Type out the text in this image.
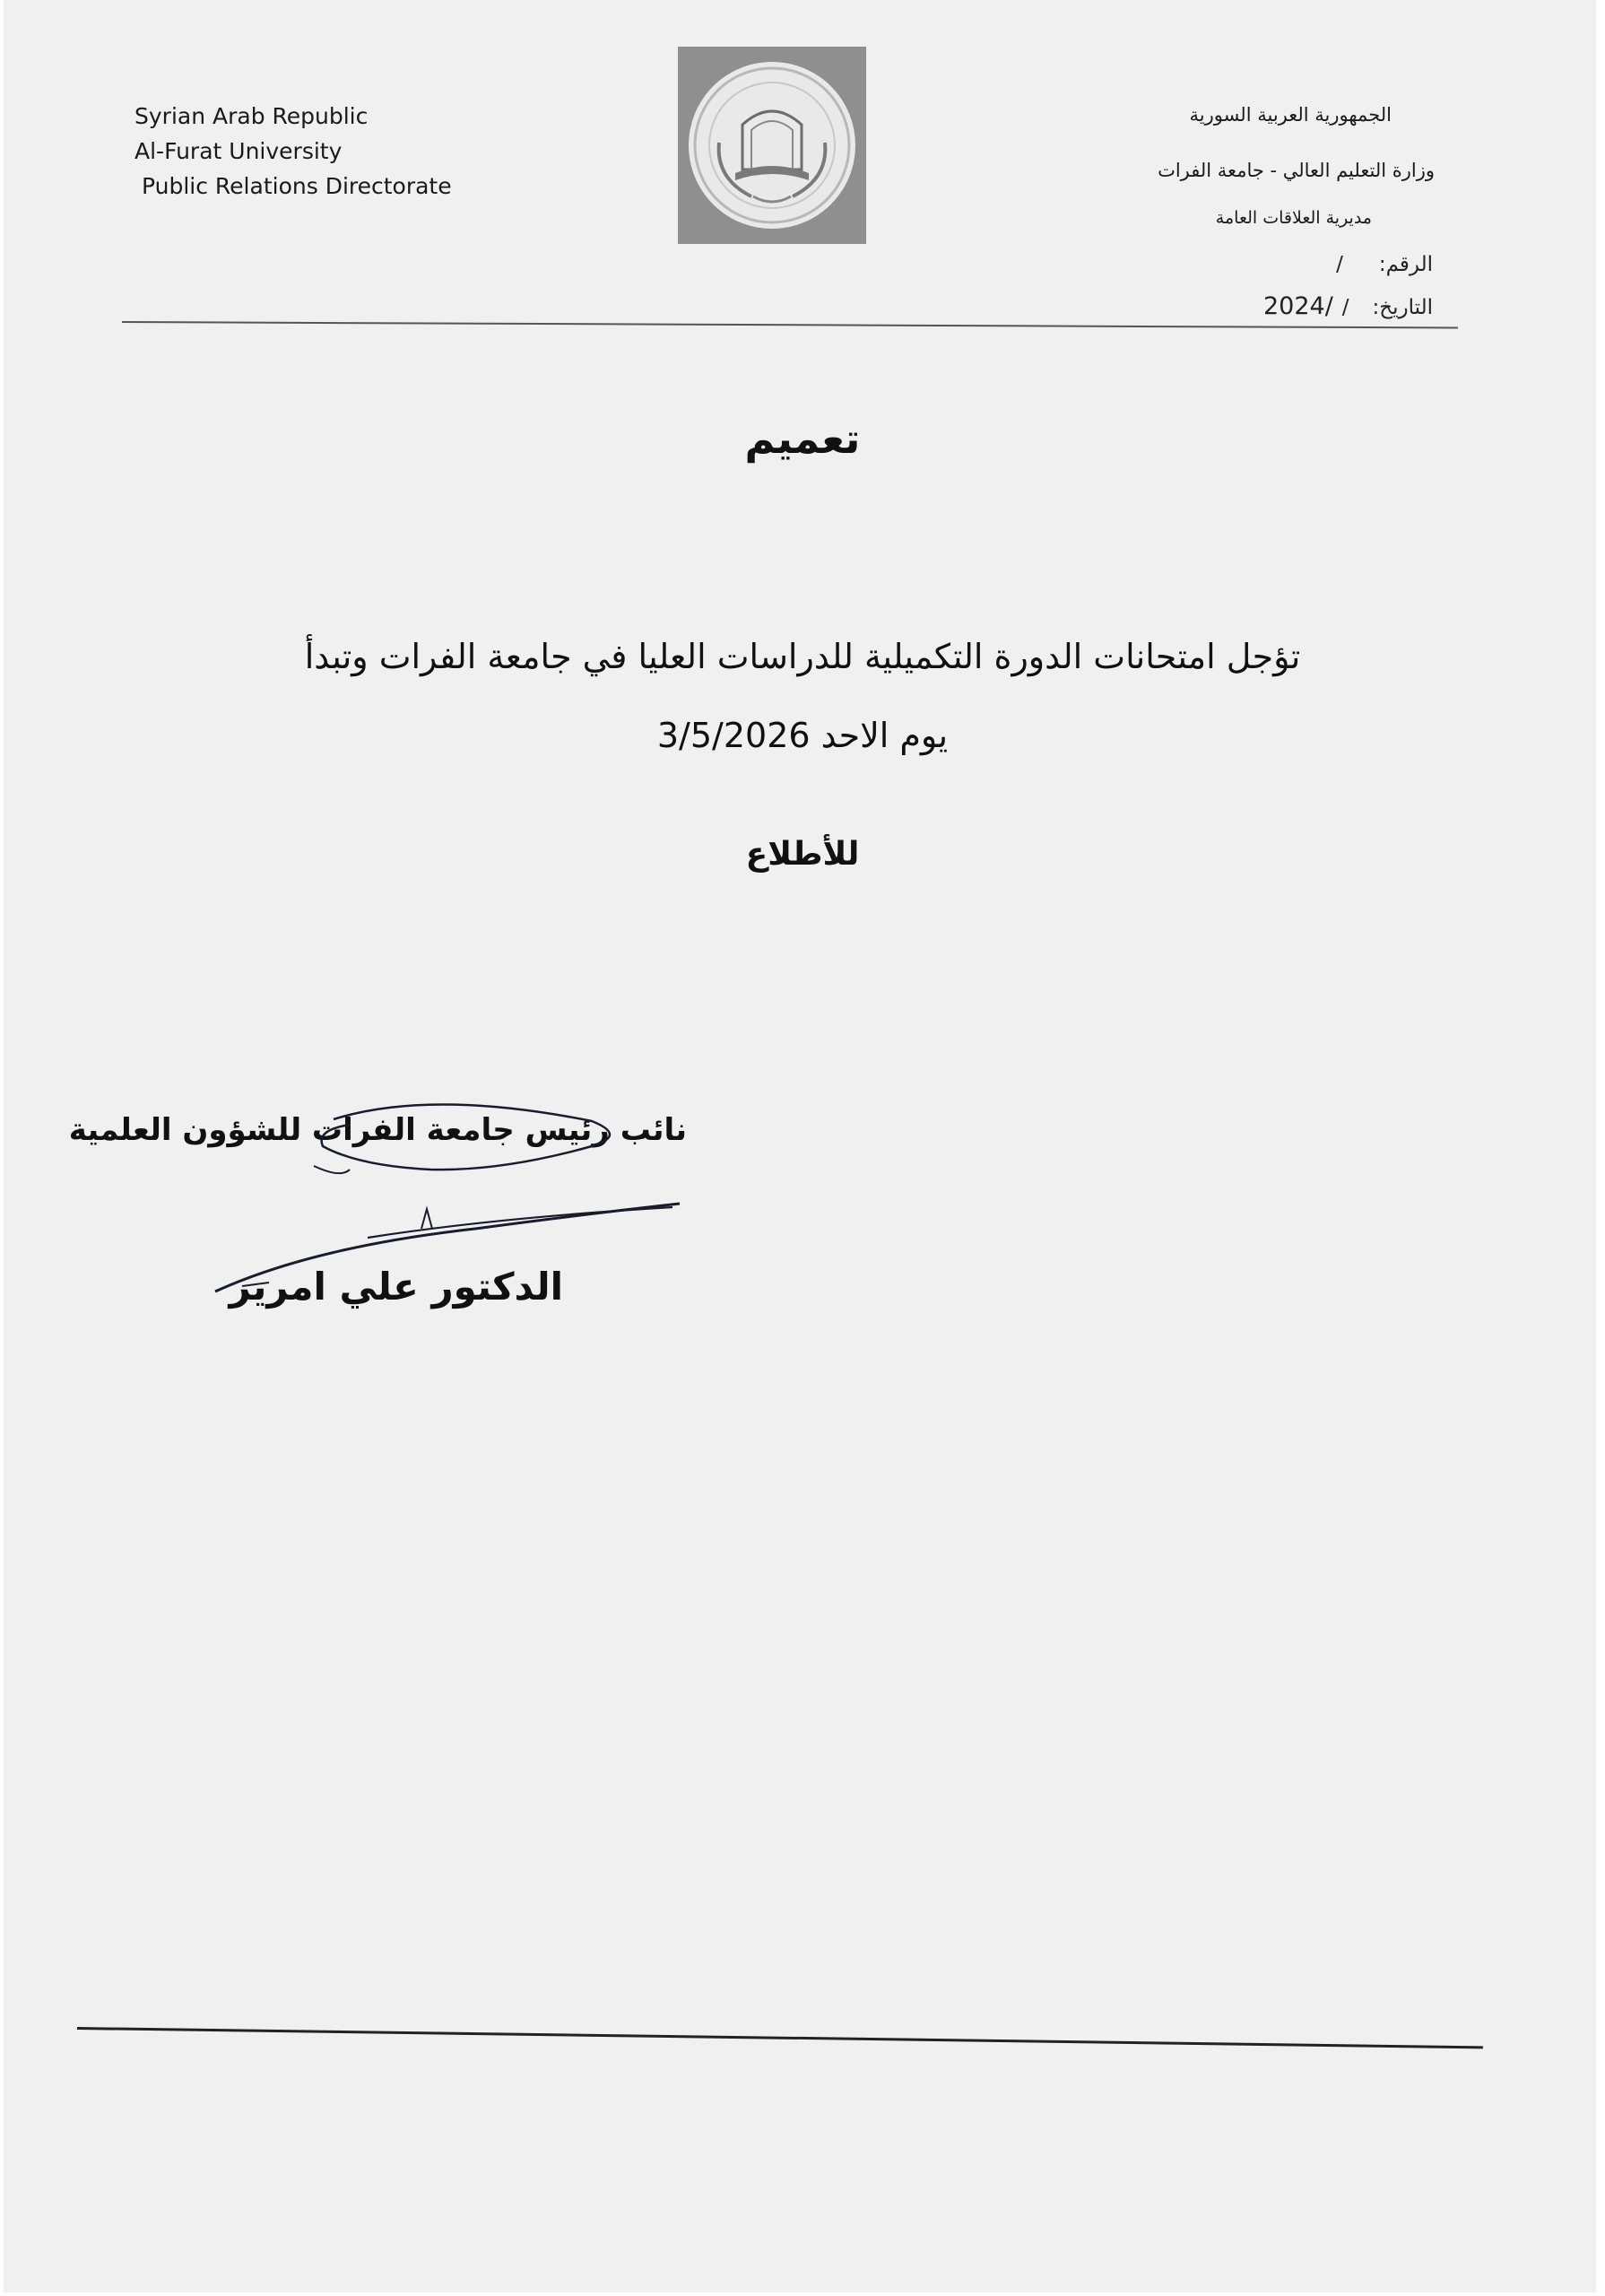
Syrian Arab Republic
Al-Furat University
Public Relations Directorate
الجمهورية العربية السورية
وزارة التعليم العالي - جامعة الفرات
مديرية العلاقات العامة
الرقم:/
التاريخ:/2024/
تعميم
تؤجل امتحانات الدورة التكميلية للدراسات العليا في جامعة الفرات وتبدأ
يوم الاحد 3/5/2026
للأطلاع
نائب رئيس جامعة الفرات للشؤون العلمية
الدكتور علي امرير
